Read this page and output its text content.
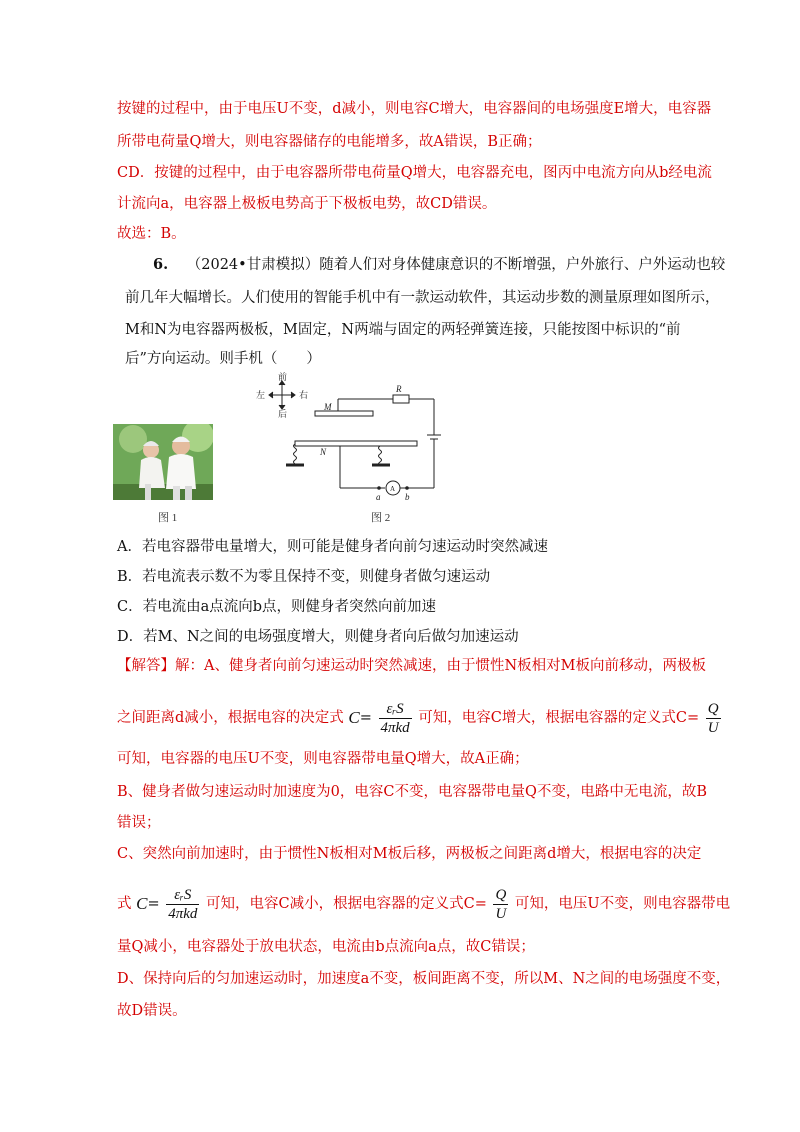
按键的过程中，由于电压U不变，d减小，则电容C增大，电容器间的电场强度E增大，电容器
所带电荷量Q增大，则电容器储存的电能增多，故A错误，B正确；
CD．按键的过程中，由于电容器所带电荷量Q增大，电容器充电，图丙中电流方向从b经电流
计流向a，电容器上极板电势高于下极板电势，故CD错误。
故选：B。
6. （2024•甘肃模拟）随着人们对身体健康意识的不断增强，户外旅行、户外运动也较
前几年大幅增长。人们使用的智能手机中有一款运动软件，其运动步数的测量原理如图所示，
M和N为电容器两极板，M固定，N两端与固定的两轻弹簧连接，只能按图中标识的“前
后”方向运动。则手机（　　）
图 1
前
后
左	右
M
N
R
A
a	b
图 2
A．若电容器带电量增大，则可能是健身者向前匀速运动时突然减速
B．若电流表示数不为零且保持不变，则健身者做匀速运动
C．若电流由a点流向b点，则健身者突然向前加速
D．若M、N之间的电场强度增大，则健身者向后做匀加速运动
【解答】解：A、健身者向前匀速运动时突然减速，由于惯性N板相对M板向前移动，两极板
之间距离d减小，根据电容的决定式 $C= \frac{\text{εᵣS}}{\text{4πkd}}$ 可知，电容C增大，根据电容器的定义式$C= \frac{Q}{U}$
可知，电容器的电压U不变，则电容器带电量Q增大，故A正确；
B、健身者做匀速运动时加速度为0，电容C不变，电容器带电量Q不变，电路中无电流，故B
错误；
C、突然向前加速时，由于惯性N板相对M板后移，两极板之间距离d增大，根据电容的决定
式 $C= \frac{\text{εᵣS}}{\text{4πkd}}$ 可知，电容C减小，根据电容器的定义式$C= \frac{Q}{U}$ 可知，电压U不变，则电容器带电
量Q减小，电容器处于放电状态，电流由b点流向a点，故C错误；
D、保持向后的匀加速运动时，加速度a不变，板间距离不变，所以M、N之间的电场强度不变，
故D错误。
